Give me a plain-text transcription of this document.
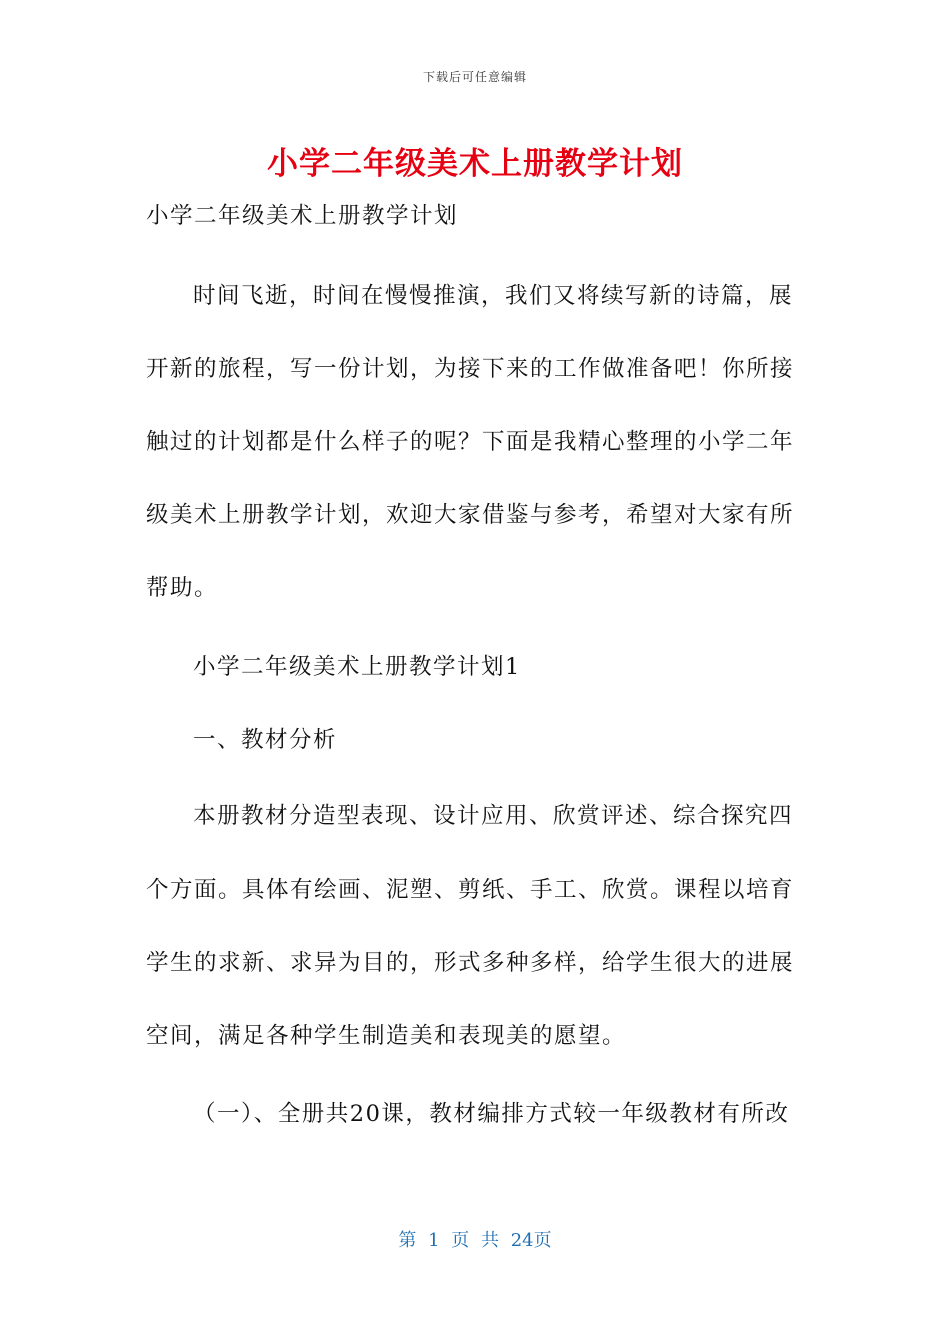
下载后可任意编辑
小学二年级美术上册教学计划

小学二年级美术上册教学计划

时间飞逝，时间在慢慢推演，我们又将续写新的诗篇，展

开新的旅程，写一份计划，为接下来的工作做准备吧！你所接

触过的计划都是什么样子的呢？下面是我精心整理的小学二年

级美术上册教学计划，欢迎大家借鉴与参考，希望对大家有所

帮助。

小学二年级美术上册教学计划1

一、教材分析

本册教材分造型表现、设计应用、欣赏评述、综合探究四

个方面。具体有绘画、泥塑、剪纸、手工、欣赏。课程以培育

学生的求新、求异为目的，形式多种多样，给学生很大的进展

空间，满足各种学生制造美和表现美的愿望。

（一）、全册共20课，教材编排方式较一年级教材有所改

第 1 页 共 24页
